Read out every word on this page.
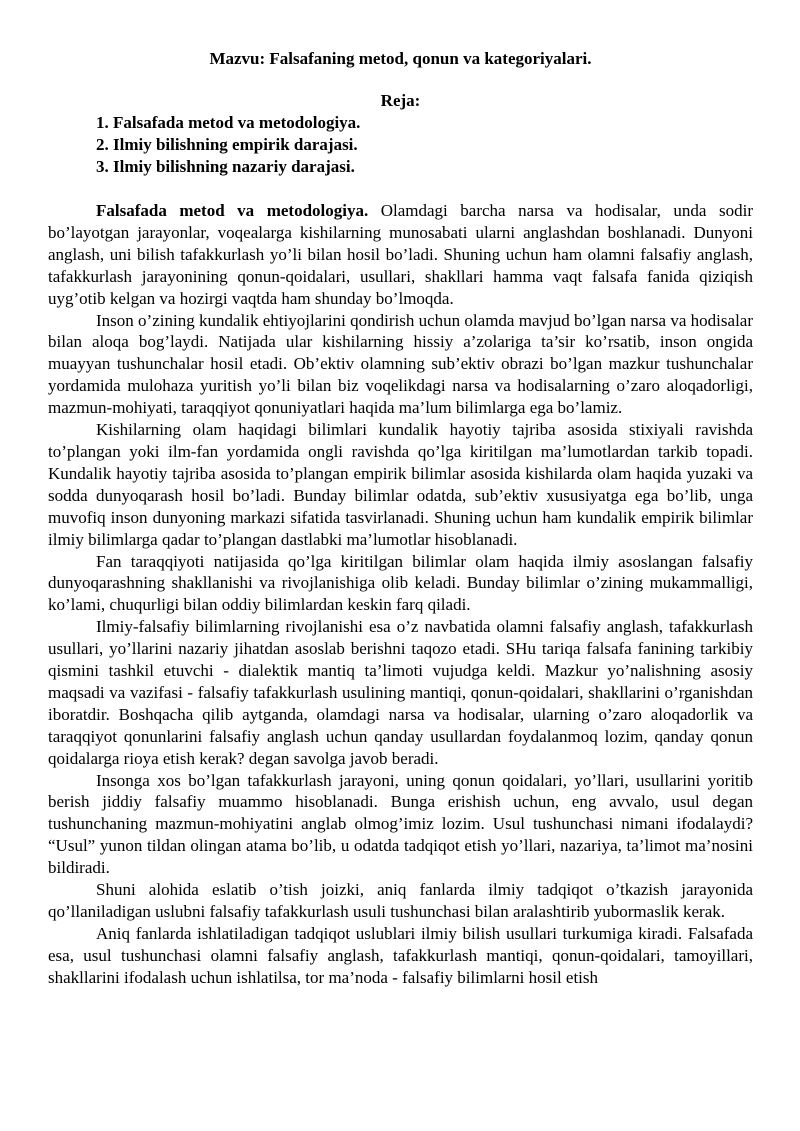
Mazvu: Falsafaning metod, qonun va kategoriyalari.
Reja:
1. Falsafada metod va metodologiya.
2. Ilmiy bilishning empirik darajasi.
3. Ilmiy bilishning nazariy darajasi.

Falsafada metod va metodologiya. Olamdagi barcha narsa va hodisalar, unda sodir bo’layotgan jarayonlar, voqealarga kishilarning munosabati ularni anglashdan boshlanadi. Dunyoni anglash, uni bilish tafakkurlash yo’li bilan hosil bo’ladi. Shuning uchun ham olamni falsafiy anglash, tafakkurlash jarayonining qonun-qoidalari, usullari, shakllari hamma vaqt falsafa fanida qiziqish uyg’otib kelgan va hozirgi vaqtda ham shunday bo’lmoqda.

Inson o’zining kundalik ehtiyojlarini qondirish uchun olamda mavjud bo’lgan narsa va hodisalar bilan aloqa bog’laydi. Natijada ular kishilarning hissiy a’zolariga ta’sir ko’rsatib, inson ongida muayyan tushunchalar hosil etadi. Ob’ektiv olamning sub’ektiv obrazi bo’lgan mazkur tushunchalar yordamida mulohaza yuritish yo’li bilan biz voqelikdagi narsa va hodisalarning o’zaro aloqadorligi, mazmun-mohiyati, taraqqiyot qonuniyatlari haqida ma’lum bilimlarga ega bo’lamiz.

Kishilarning olam haqidagi bilimlari kundalik hayotiy tajriba asosida stixiyali ravishda to’plangan yoki ilm-fan yordamida ongli ravishda qo’lga kiritilgan ma’lumotlardan tarkib topadi. Kundalik hayotiy tajriba asosida to’plangan empirik bilimlar asosida kishilarda olam haqida yuzaki va sodda dunyoqarash hosil bo’ladi. Bunday bilimlar odatda, sub’ektiv xususiyatga ega bo’lib, unga muvofiq inson dunyoning markazi sifatida tasvirlanadi. Shuning uchun ham kundalik empirik bilimlar ilmiy bilimlarga qadar to’plangan dastlabki ma’lumotlar hisoblanadi.

Fan taraqqiyoti natijasida qo’lga kiritilgan bilimlar olam haqida ilmiy asoslangan falsafiy dunyoqarashning shakllanishi va rivojlanishiga olib keladi. Bunday bilimlar o’zining mukammalligi, ko’lami, chuqurligi bilan oddiy bilimlardan keskin farq qiladi.

Ilmiy-falsafiy bilimlarning rivojlanishi esa o’z navbatida olamni falsafiy anglash, tafakkurlash usullari, yo’llarini nazariy jihatdan asoslab berishni taqozo etadi. SHu tariqa falsafa fanining tarkibiy qismini tashkil etuvchi - dialektik mantiq ta’limoti vujudga keldi. Mazkur yo’nalishning asosiy maqsadi va vazifasi - falsafiy tafakkurlash usulining mantiqi, qonun-qoidalari, shakllarini o’rganishdan iboratdir. Boshqacha qilib aytganda, olamdagi narsa va hodisalar, ularning o’zaro aloqadorlik va taraqqiyot qonunlarini falsafiy anglash uchun qanday usullardan foydalanmoq lozim, qanday qonun qoidalarga rioya etish kerak? degan savolga javob beradi.

Insonga xos bo’lgan tafakkurlash jarayoni, uning qonun qoidalari, yo’llari, usullarini yoritib berish jiddiy falsafiy muammo hisoblanadi. Bunga erishish uchun, eng avvalo, usul degan tushunchaning mazmun-mohiyatini anglab olmog’imiz lozim. Usul tushunchasi nimani ifodalaydi? “Usul” yunon tildan olingan atama bo’lib, u odatda tadqiqot etish yo’llari, nazariya, ta’limot ma’nosini bildiradi.

Shuni alohida eslatib o’tish joizki, aniq fanlarda ilmiy tadqiqot o’tkazish jarayonida qo’llaniladigan uslubni falsafiy tafakkurlash usuli tushunchasi bilan aralashtirib yubormaslik kerak.

Aniq fanlarda ishlatiladigan tadqiqot uslublari ilmiy bilish usullari turkumiga kiradi. Falsafada esa, usul tushunchasi olamni falsafiy anglash, tafakkurlash mantiqi, qonun-qoidalari, tamoyillari, shakllarini ifodalash uchun ishlatilsa, tor ma’noda - falsafiy bilimlarni hosil etish
